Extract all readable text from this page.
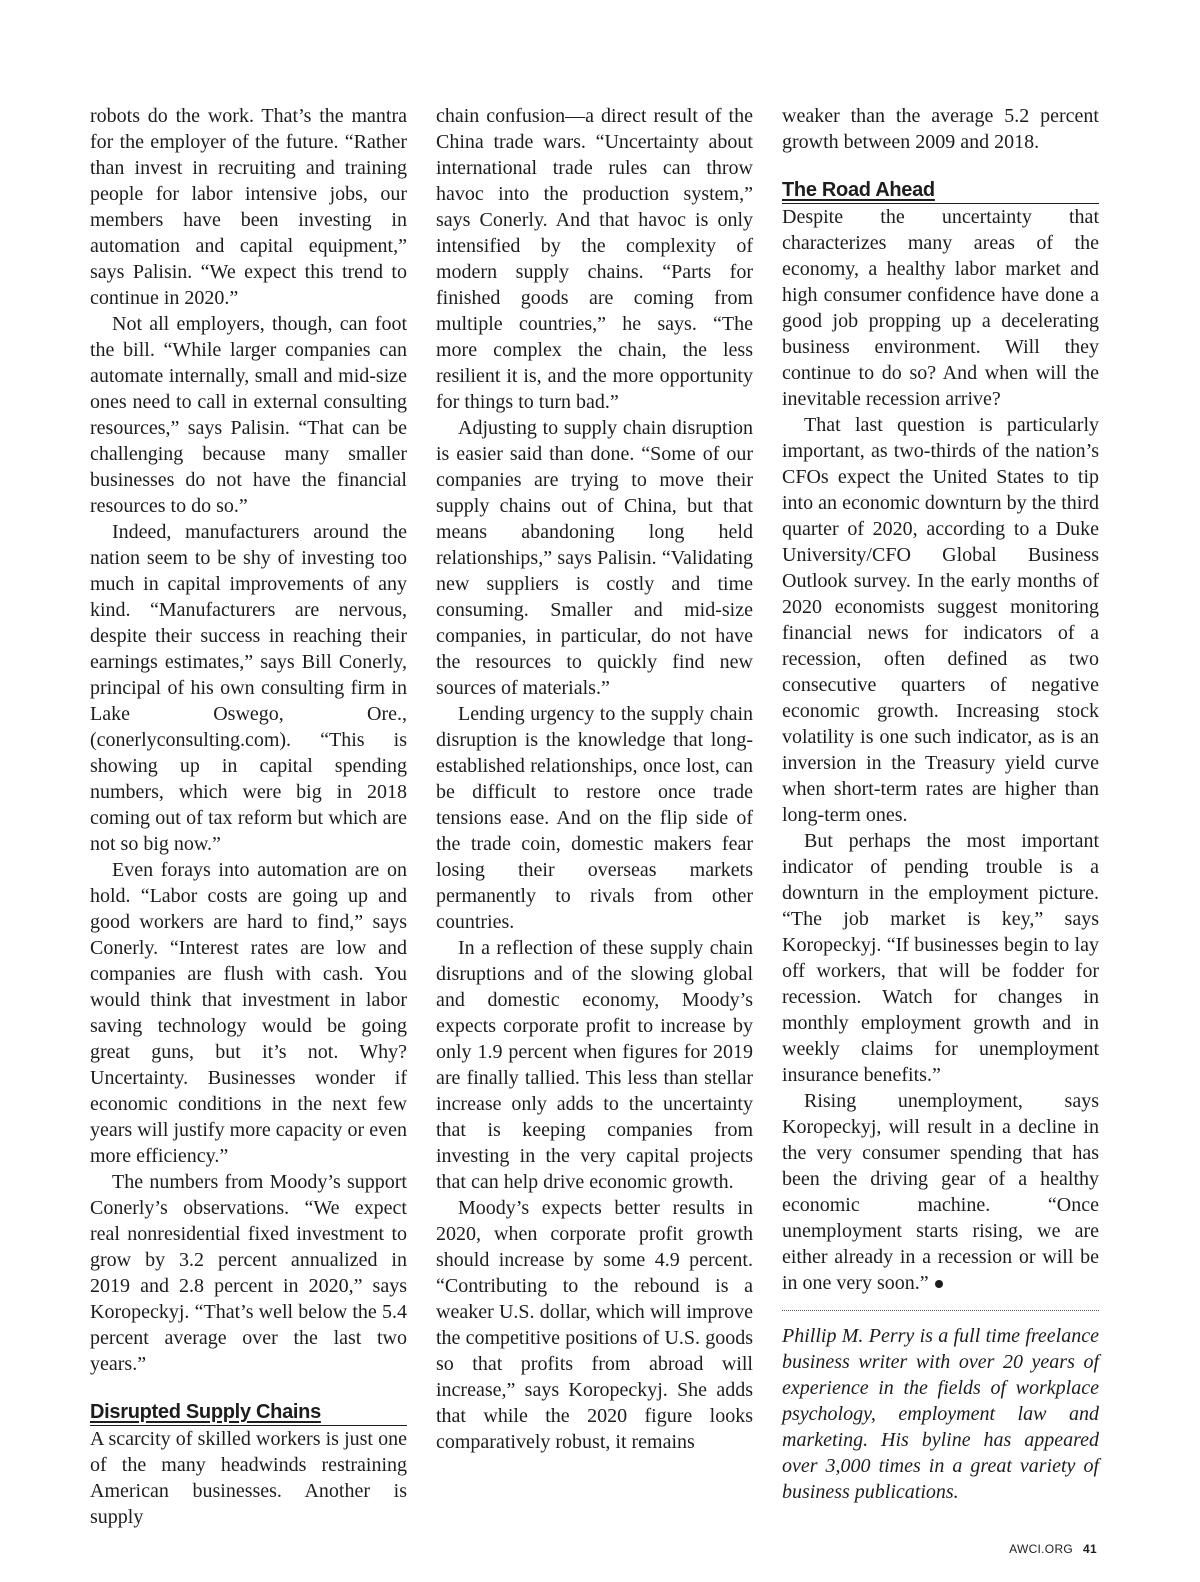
robots do the work. That’s the mantra for the employer of the future. “Rather than invest in recruiting and training people for labor intensive jobs, our members have been investing in automation and capital equipment,” says Palisin. “We expect this trend to continue in 2020.”

Not all employers, though, can foot the bill. “While larger companies can automate internally, small and mid-size ones need to call in external consulting resources,” says Palisin. “That can be challenging because many smaller businesses do not have the financial resources to do so.”

Indeed, manufacturers around the nation seem to be shy of investing too much in capital improvements of any kind. “Manufacturers are nervous, despite their success in reaching their earnings estimates,” says Bill Conerly, principal of his own consulting firm in Lake Oswego, Ore., (conerlyconsulting.com). “This is showing up in capital spending numbers, which were big in 2018 coming out of tax reform but which are not so big now.”

Even forays into automation are on hold. “Labor costs are going up and good workers are hard to find,” says Conerly. “Interest rates are low and companies are flush with cash. You would think that investment in labor saving technology would be going great guns, but it’s not. Why? Uncertainty. Businesses wonder if economic conditions in the next few years will justify more capacity or even more efficiency.”

The numbers from Moody’s support Conerly’s observations. “We expect real nonresidential fixed investment to grow by 3.2 percent annualized in 2019 and 2.8 percent in 2020,” says Koropeckyj. “That’s well below the 5.4 percent average over the last two years.”

Disrupted Supply Chains

A scarcity of skilled workers is just one of the many headwinds restraining American businesses. Another is supply

chain confusion—a direct result of the China trade wars. “Uncertainty about international trade rules can throw havoc into the production system,” says Conerly. And that havoc is only intensified by the complexity of modern supply chains. “Parts for finished goods are coming from multiple countries,” he says. “The more complex the chain, the less resilient it is, and the more opportunity for things to turn bad.”

Adjusting to supply chain disruption is easier said than done. “Some of our companies are trying to move their supply chains out of China, but that means abandoning long held relationships,” says Palisin. “Validating new suppliers is costly and time consuming. Smaller and mid-size companies, in particular, do not have the resources to quickly find new sources of materials.”

Lending urgency to the supply chain disruption is the knowledge that long-established relationships, once lost, can be difficult to restore once trade tensions ease. And on the flip side of the trade coin, domestic makers fear losing their overseas markets permanently to rivals from other countries.

In a reflection of these supply chain disruptions and of the slowing global and domestic economy, Moody’s expects corporate profit to increase by only 1.9 percent when figures for 2019 are finally tallied. This less than stellar increase only adds to the uncertainty that is keeping companies from investing in the very capital projects that can help drive economic growth.

Moody’s expects better results in 2020, when corporate profit growth should increase by some 4.9 percent. “Contributing to the rebound is a weaker U.S. dollar, which will improve the competitive positions of U.S. goods so that profits from abroad will increase,” says Koropeckyj. She adds that while the 2020 figure looks comparatively robust, it remains

weaker than the average 5.2 percent growth between 2009 and 2018.

The Road Ahead

Despite the uncertainty that characterizes many areas of the economy, a healthy labor market and high consumer confidence have done a good job propping up a decelerating business environment. Will they continue to do so? And when will the inevitable recession arrive?

That last question is particularly important, as two-thirds of the nation’s CFOs expect the United States to tip into an economic downturn by the third quarter of 2020, according to a Duke University/CFO Global Business Outlook survey. In the early months of 2020 economists suggest monitoring financial news for indicators of a recession, often defined as two consecutive quarters of negative economic growth. Increasing stock volatility is one such indicator, as is an inversion in the Treasury yield curve when short-term rates are higher than long-term ones.

But perhaps the most important indicator of pending trouble is a downturn in the employment picture. “The job market is key,” says Koropeckyj. “If businesses begin to lay off workers, that will be fodder for recession. Watch for changes in monthly employment growth and in weekly claims for unemployment insurance benefits.”

Rising unemployment, says Koropeckyj, will result in a decline in the very consumer spending that has been the driving gear of a healthy economic machine. “Once unemployment starts rising, we are either already in a recession or will be in one very soon.”

Phillip M. Perry is a full time freelance business writer with over 20 years of experience in the fields of workplace psychology, employment law and marketing. His byline has appeared over 3,000 times in a great variety of business publications.

AWCI.ORG 41
